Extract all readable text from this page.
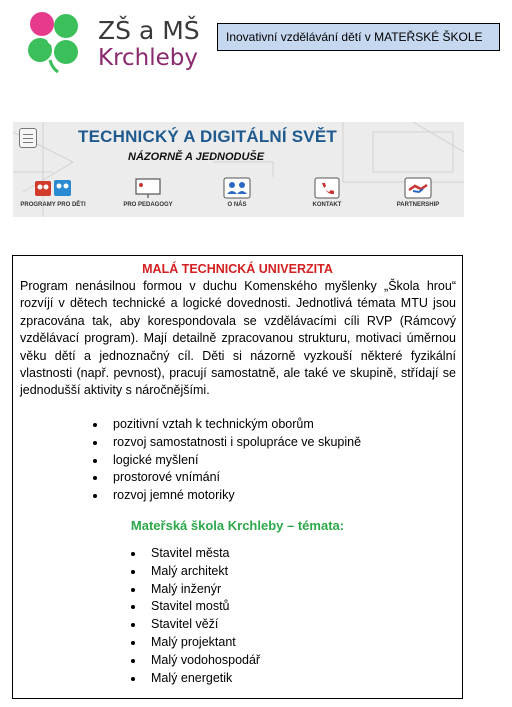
ZŠ a MŠ
Krchleby
Inovativní vzdělávání dětí v MATEŘSKÉ ŠKOLE
TECHNICKÝ A DIGITÁLNÍ SVĚT
NÁZORNĚ A JEDNODUŠE
PROGRAMY PRO DĚTI	PRO PEDAGOGY	O NÁS	KONTAKT	PARTNERSHIP
MALÁ TECHNICKÁ UNIVERZITA

Program nenásilnou formou v duchu Komenského myšlenky „Škola hrou“ rozvíjí v dětech technické a logické dovednosti. Jednotlivá témata MTU jsou zpracována tak, aby korespondovala se vzdělávacími cíli RVP (Rámcový vzdělávací program). Mají detailně zpracovanou strukturu, motivaci úměrnou věku dětí a jednoznačný cíl. Děti si názorně vyzkouší některé fyzikální vlastnosti (např. pevnost), pracují samostatně, ale také ve skupině, střídají se jednodušší aktivity s náročnějšími.

pozitivní vztah k technickým oborům
rozvoj samostatnosti i spolupráce ve skupině
logické myšlení
prostorové vnímání
rozvoj jemné motoriky
Mateřská škola Krchleby – témata:
Stavitel města
Malý architekt
Malý inženýr
Stavitel mostů
Stavitel věží
Malý projektant
Malý vodohospodář
Malý energetik
